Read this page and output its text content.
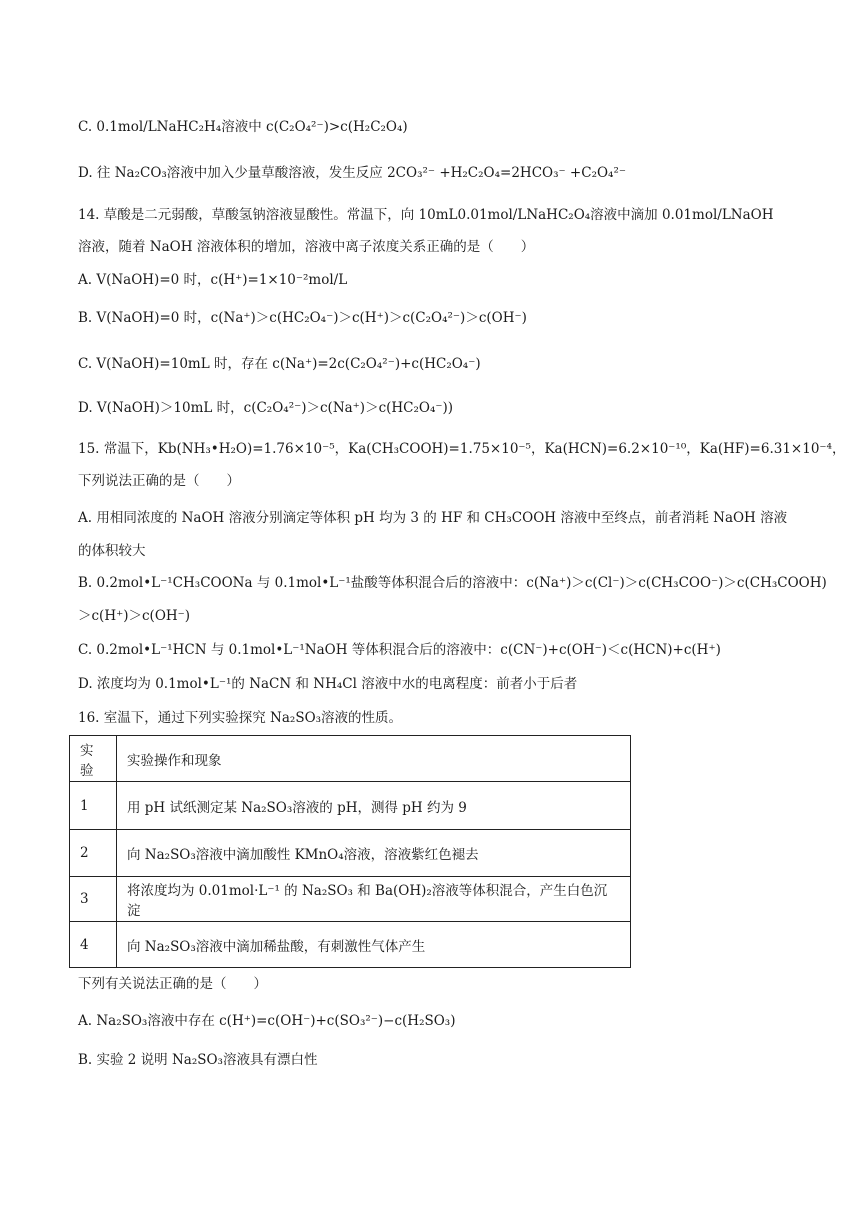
C. 0.1mol/LNaHC₂H₄溶液中 c(C₂O₄²⁻)>c(H₂C₂O₄)
D. 往 Na₂CO₃溶液中加入少量草酸溶液，发生反应 2CO₃²⁻ +H₂C₂O₄=2HCO₃⁻ +C₂O₄²⁻
14. 草酸是二元弱酸，草酸氢钠溶液显酸性。常温下，向 10mL0.01mol/LNaHC₂O₄溶液中滴加 0.01mol/LNaOH
溶液，随着 NaOH 溶液体积的增加，溶液中离子浓度关系正确的是（　　）
A. V(NaOH)=0 时，c(H⁺)=1×10⁻²mol/L
B. V(NaOH)=0 时，c(Na⁺)＞c(HC₂O₄⁻)＞c(H⁺)＞c(C₂O₄²⁻)＞c(OH⁻)
C. V(NaOH)=10mL 时，存在 c(Na⁺)=2c(C₂O₄²⁻)+c(HC₂O₄⁻)
D. V(NaOH)＞10mL 时，c(C₂O₄²⁻)＞c(Na⁺)＞c(HC₂O₄⁻))
15. 常温下，Kb(NH₃•H₂O)=1.76×10⁻⁵，Ka(CH₃COOH)=1.75×10⁻⁵，Ka(HCN)=6.2×10⁻¹⁰，Ka(HF)=6.31×10⁻⁴，
下列说法正确的是（　　）
A. 用相同浓度的 NaOH 溶液分别滴定等体积 pH 均为 3 的 HF 和 CH₃COOH 溶液中至终点，前者消耗 NaOH 溶液
的体积较大
B. 0.2mol•L⁻¹CH₃COONa 与 0.1mol•L⁻¹盐酸等体积混合后的溶液中：c(Na⁺)＞c(Cl⁻)＞c(CH₃COO⁻)＞c(CH₃COOH)
＞c(H⁺)＞c(OH⁻)
C. 0.2mol•L⁻¹HCN 与 0.1mol•L⁻¹NaOH 等体积混合后的溶液中：c(CN⁻)+c(OH⁻)＜c(HCN)+c(H⁺)
D. 浓度均为 0.1mol•L⁻¹的 NaCN 和 NH₄Cl 溶液中水的电离程度：前者小于后者
16. 室温下，通过下列实验探究 Na₂SO₃溶液的性质。
实验	实验操作和现象
1	用 pH 试纸测定某 Na₂SO₃溶液的 pH，测得 pH 约为 9
2	向 Na₂SO₃溶液中滴加酸性 KMnO₄溶液，溶液紫红色褪去
3	将浓度均为 0.01mol·L⁻¹ 的 Na₂SO₃ 和 Ba(OH)₂溶液等体积混合，产生白色沉淀
4	向 Na₂SO₃溶液中滴加稀盐酸，有刺激性气体产生
下列有关说法正确的是（　　）
A. Na₂SO₃溶液中存在 c(H⁺)=c(OH⁻)+c(SO₃²⁻)−c(H₂SO₃)
B. 实验 2 说明 Na₂SO₃溶液具有漂白性
